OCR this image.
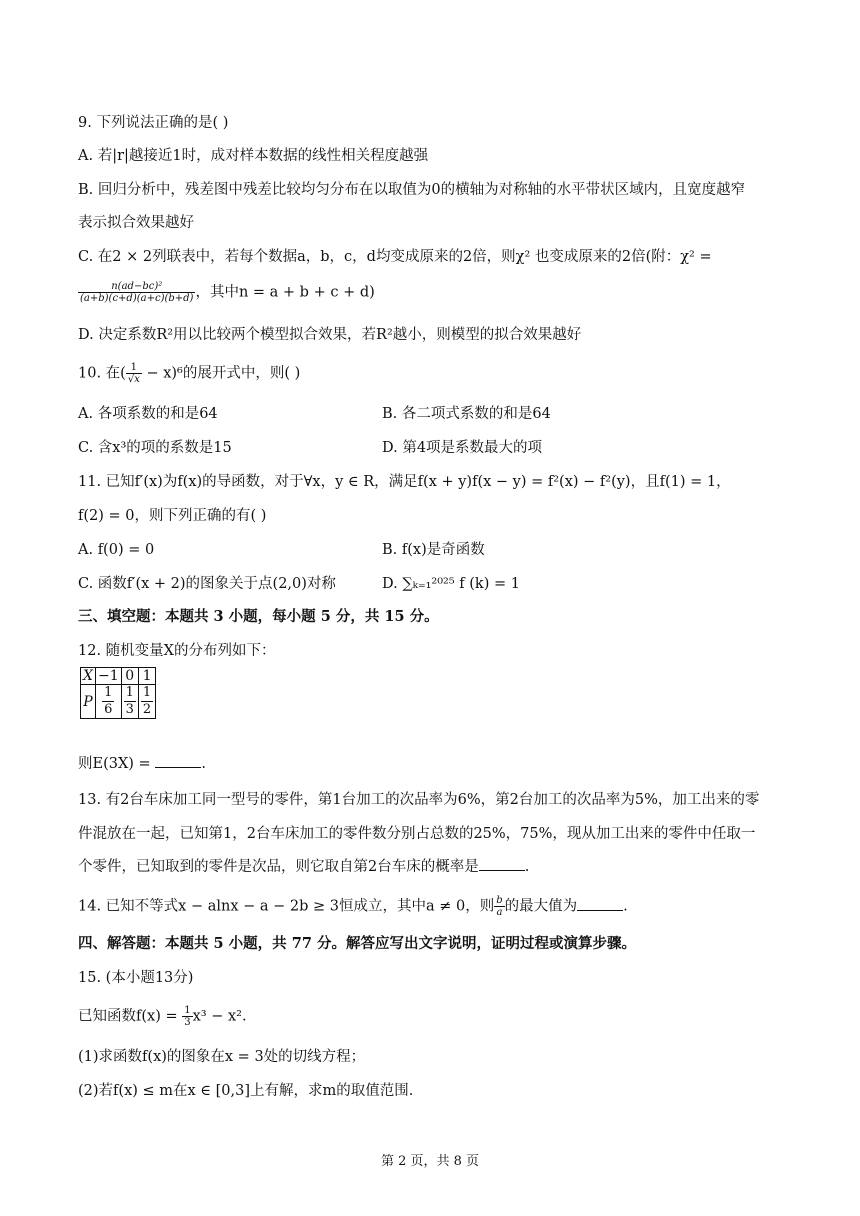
9. 下列说法正确的是( )
A. 若|r|越接近1时，成对样本数据的线性相关程度越强
B. 回归分析中，残差图中残差比较均匀分布在以取值为0的横轴为对称轴的水平带状区域内，且宽度越窄
表示拟合效果越好
C. 在2 × 2列联表中，若每个数据a，b，c，d均变成原来的2倍，则χ² 也变成原来的2倍(附：χ² =
$\frac{\text{n(ad−bc)²}}{(a+b)(c+d)(a+c)(b+d)}$ ，其中n = a + b + c + d)
D. 决定系数R²用以比较两个模型拟合效果，若R²越小，则模型的拟合效果越好
10. 在( $\frac{1}{√x} - x)^6$的展开式中，则( )
A. 各项系数的和是64	B. 各二项式系数的和是64
C. 含x³的项的系数是15	D. 第4项是系数最大的项
11. 已知f′(x)为f(x)的导函数，对于∀x，y ∈ R，满足f(x + y)f(x − y) = f²(x) − f²(y)，且f(1) = 1，
f(2) = 0，则下列正确的有( )
A. f(0) = 0	B. f(x)是奇函数
C. 函数f′(x + 2)的图象关于点(2,0)对称	D. ∑ₖ₌₁²⁰²⁵ f (k) = 1
三、填空题：本题共 3 小题，每小题 5 分，共 15 分。
12. 随机变量X的分布列如下：
X	−1	0	1
P	$\frac{1}{6}$	$\frac{1}{3}$	$\frac{1}{2}$
则E(3X) =	.
13. 有2台车床加工同一型号的零件，第1台加工的次品率为6%，第2台加工的次品率为5%，加工出来的零
件混放在一起，已知第1，2台车床加工的零件数分别占总数的25%，75%，现从加工出来的零件中任取一
个零件，已知取到的零件是次品，则它取自第2台车床的概率是	.
14. 已知不等式x − alnx − a − 2b ≥ 3恒成立，其中a ≠ 0，则 $\frac{b}{a}$ 的最大值为	.
四、解答题：本题共 5 小题，共 77 分。解答应写出文字说明，证明过程或演算步骤。
15. (本小题13分)
已知函数$f(x) = \frac{1}{3} x^3 - x^2$.
(1)求函数f(x)的图象在x = 3处的切线方程；
(2)若f(x) ≤ m在x ∈ [0,3]上有解，求m的取值范围.
第 2 页，共 8 页
